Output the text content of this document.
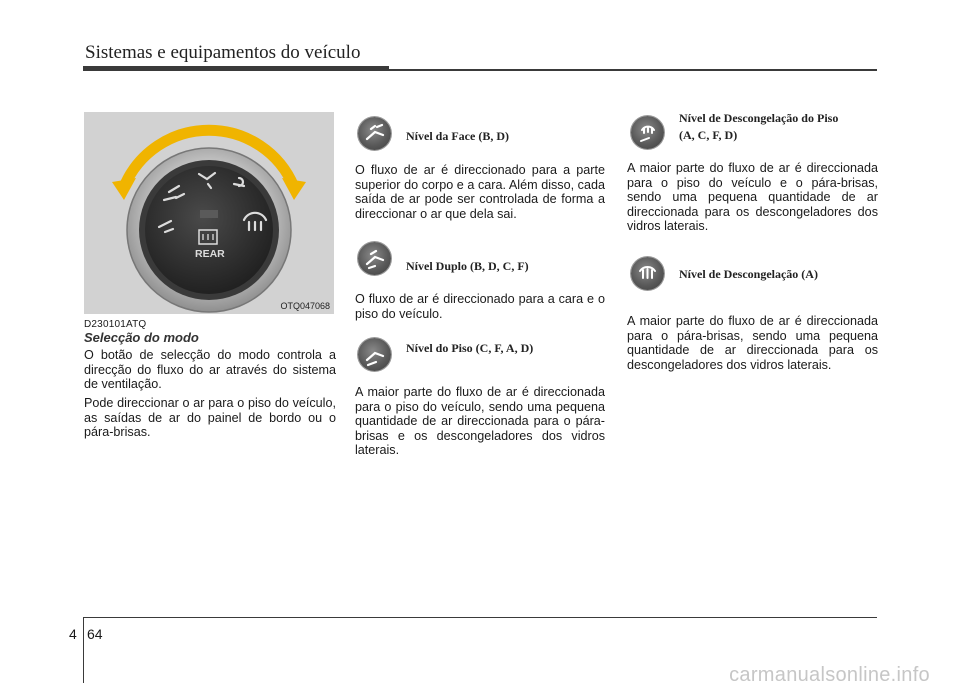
Sistemas e equipamentos do veículo
REAR
OTQ047068
D230101ATQ
Selecção do modo
O botão de selecção do modo controla a direcção do fluxo do ar através do sistema de ventilação.
Pode direccionar o ar para o piso do veículo, as saídas de ar do painel de bordo ou o pára-brisas.
Nível da Face (B, D)
O fluxo de ar é direccionado para a parte superior do corpo e a cara. Além disso, cada saída de ar pode ser controlada de forma a direccionar o ar que dela sai.
Nível Duplo (B, D, C, F)
O fluxo de ar é direccionado para a cara e o piso do veículo.
Nível do Piso (C, F, A, D)
A maior parte do fluxo de ar é direccionada para o piso do veículo, sendo uma pequena quantidade de ar direccionada para o pára-brisas e os descongeladores dos vidros laterais.
Nível de Descongelação do Piso
(A, C, F, D)
A maior parte do fluxo de ar é direccionada para o piso do veículo e o pára-brisas, sendo uma pequena quantidade de ar direccionada para os descongeladores dos vidros laterais.
Nível de Descongelação (A)
A maior parte do fluxo de ar é direccionada para o pára-brisas, sendo uma pequena quantidade de ar direccionada para os descongeladores dos vidros laterais.
4 64
carmanualsonline.info
